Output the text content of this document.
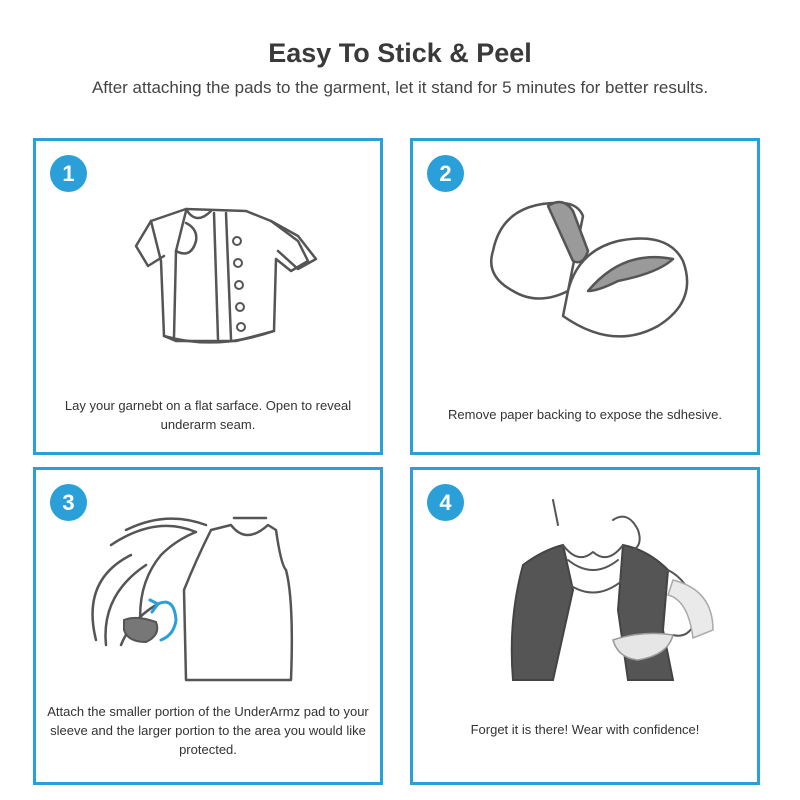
Easy To Stick & Peel

After attaching the pads to the garment, let it stand for 5 minutes for better results.

1
Lay your garnebt on a flat sarface. Open to reveal underarm seam.
2
Remove paper backing to expose the sdhesive.
3
Attach the smaller portion of the UnderArmz pad to your sleeve and the larger portion to the area you would like protected.
4
Forget it is there! Wear with confidence!
